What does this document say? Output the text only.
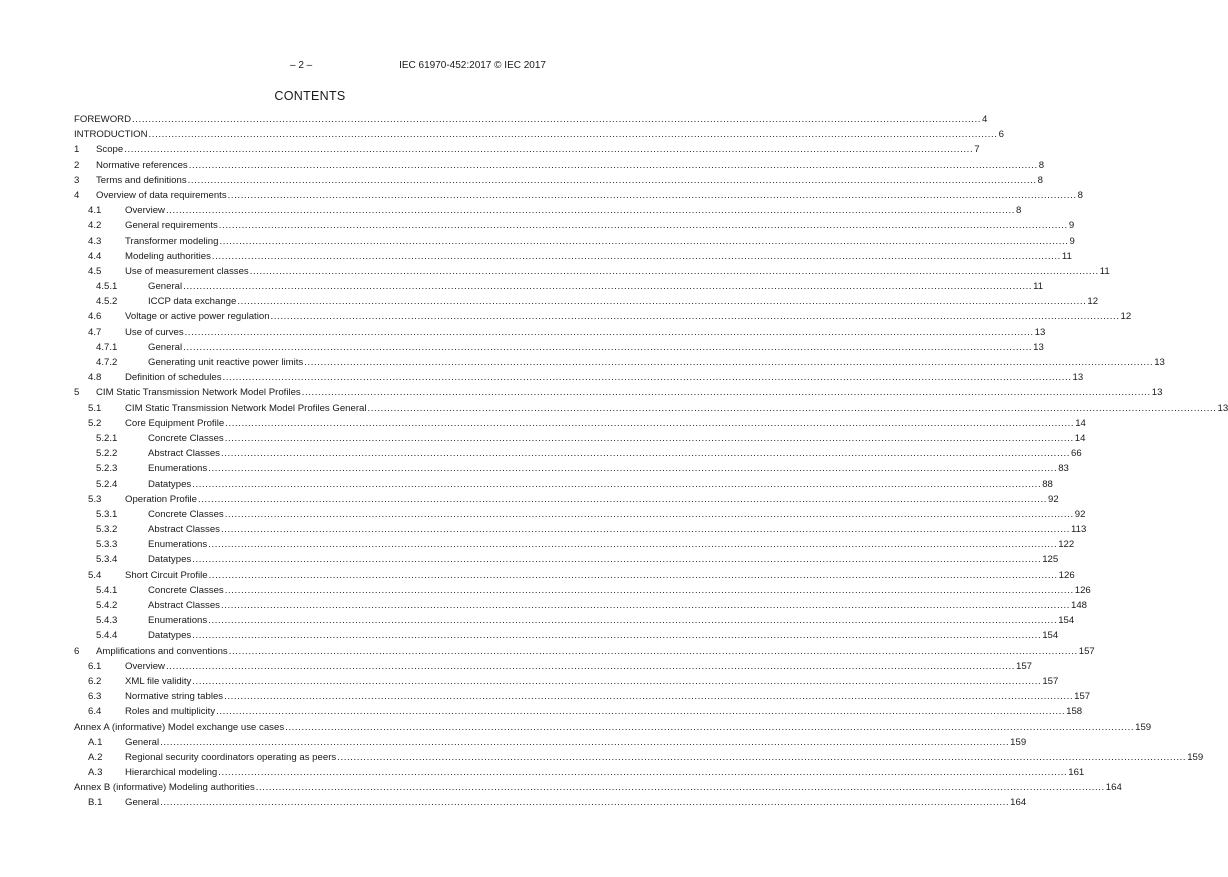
– 2 –	IEC 61970-452:2017 © IEC 2017
CONTENTS
FOREWORD .................................................................................................................................................................................................................................................................... 4
INTRODUCTION .................................................................................................................................................................................................................................................................... 6
1	Scope .................................................................................................................................................................................................................................................................... 7
2	Normative references .................................................................................................................................................................................................................................................................... 8
3	Terms and definitions .................................................................................................................................................................................................................................................................... 8
4	Overview of data requirements .................................................................................................................................................................................................................................................................... 8
4.1	Overview .................................................................................................................................................................................................................................................................... 8
4.2	General requirements .................................................................................................................................................................................................................................................................... 9
4.3	Transformer modeling .................................................................................................................................................................................................................................................................... 9
4.4	Modeling authorities .................................................................................................................................................................................................................................................................... 11
4.5	Use of measurement classes .................................................................................................................................................................................................................................................................... 11
4.5.1	General .................................................................................................................................................................................................................................................................... 11
4.5.2	ICCP data exchange .................................................................................................................................................................................................................................................................... 12
4.6	Voltage or active power regulation .................................................................................................................................................................................................................................................................... 12
4.7	Use of curves .................................................................................................................................................................................................................................................................... 13
4.7.1	General .................................................................................................................................................................................................................................................................... 13
4.7.2	Generating unit reactive power limits .................................................................................................................................................................................................................................................................... 13
4.8	Definition of schedules .................................................................................................................................................................................................................................................................... 13
5	CIM Static Transmission Network Model Profiles .................................................................................................................................................................................................................................................................... 13
5.1	CIM Static Transmission Network Model Profiles General .................................................................................................................................................................................................................................................................... 13
5.2	Core Equipment Profile .................................................................................................................................................................................................................................................................... 14
5.2.1	Concrete Classes .................................................................................................................................................................................................................................................................... 14
5.2.2	Abstract Classes .................................................................................................................................................................................................................................................................... 66
5.2.3	Enumerations .................................................................................................................................................................................................................................................................... 83
5.2.4	Datatypes .................................................................................................................................................................................................................................................................... 88
5.3	Operation Profile .................................................................................................................................................................................................................................................................... 92
5.3.1	Concrete Classes .................................................................................................................................................................................................................................................................... 92
5.3.2	Abstract Classes .................................................................................................................................................................................................................................................................... 113
5.3.3	Enumerations .................................................................................................................................................................................................................................................................... 122
5.3.4	Datatypes .................................................................................................................................................................................................................................................................... 125
5.4	Short Circuit Profile .................................................................................................................................................................................................................................................................... 126
5.4.1	Concrete Classes .................................................................................................................................................................................................................................................................... 126
5.4.2	Abstract Classes .................................................................................................................................................................................................................................................................... 148
5.4.3	Enumerations .................................................................................................................................................................................................................................................................... 154
5.4.4	Datatypes .................................................................................................................................................................................................................................................................... 154
6	Amplifications and conventions .................................................................................................................................................................................................................................................................... 157
6.1	Overview .................................................................................................................................................................................................................................................................... 157
6.2	XML file validity .................................................................................................................................................................................................................................................................... 157
6.3	Normative string tables .................................................................................................................................................................................................................................................................... 157
6.4	Roles and multiplicity .................................................................................................................................................................................................................................................................... 158
Annex A (informative) Model exchange use cases .................................................................................................................................................................................................................................................................... 159
A.1	General .................................................................................................................................................................................................................................................................... 159
A.2	Regional security coordinators operating as peers .................................................................................................................................................................................................................................................................... 159
A.3	Hierarchical modeling .................................................................................................................................................................................................................................................................... 161
Annex B (informative) Modeling authorities .................................................................................................................................................................................................................................................................... 164
B.1	General .................................................................................................................................................................................................................................................................... 164
